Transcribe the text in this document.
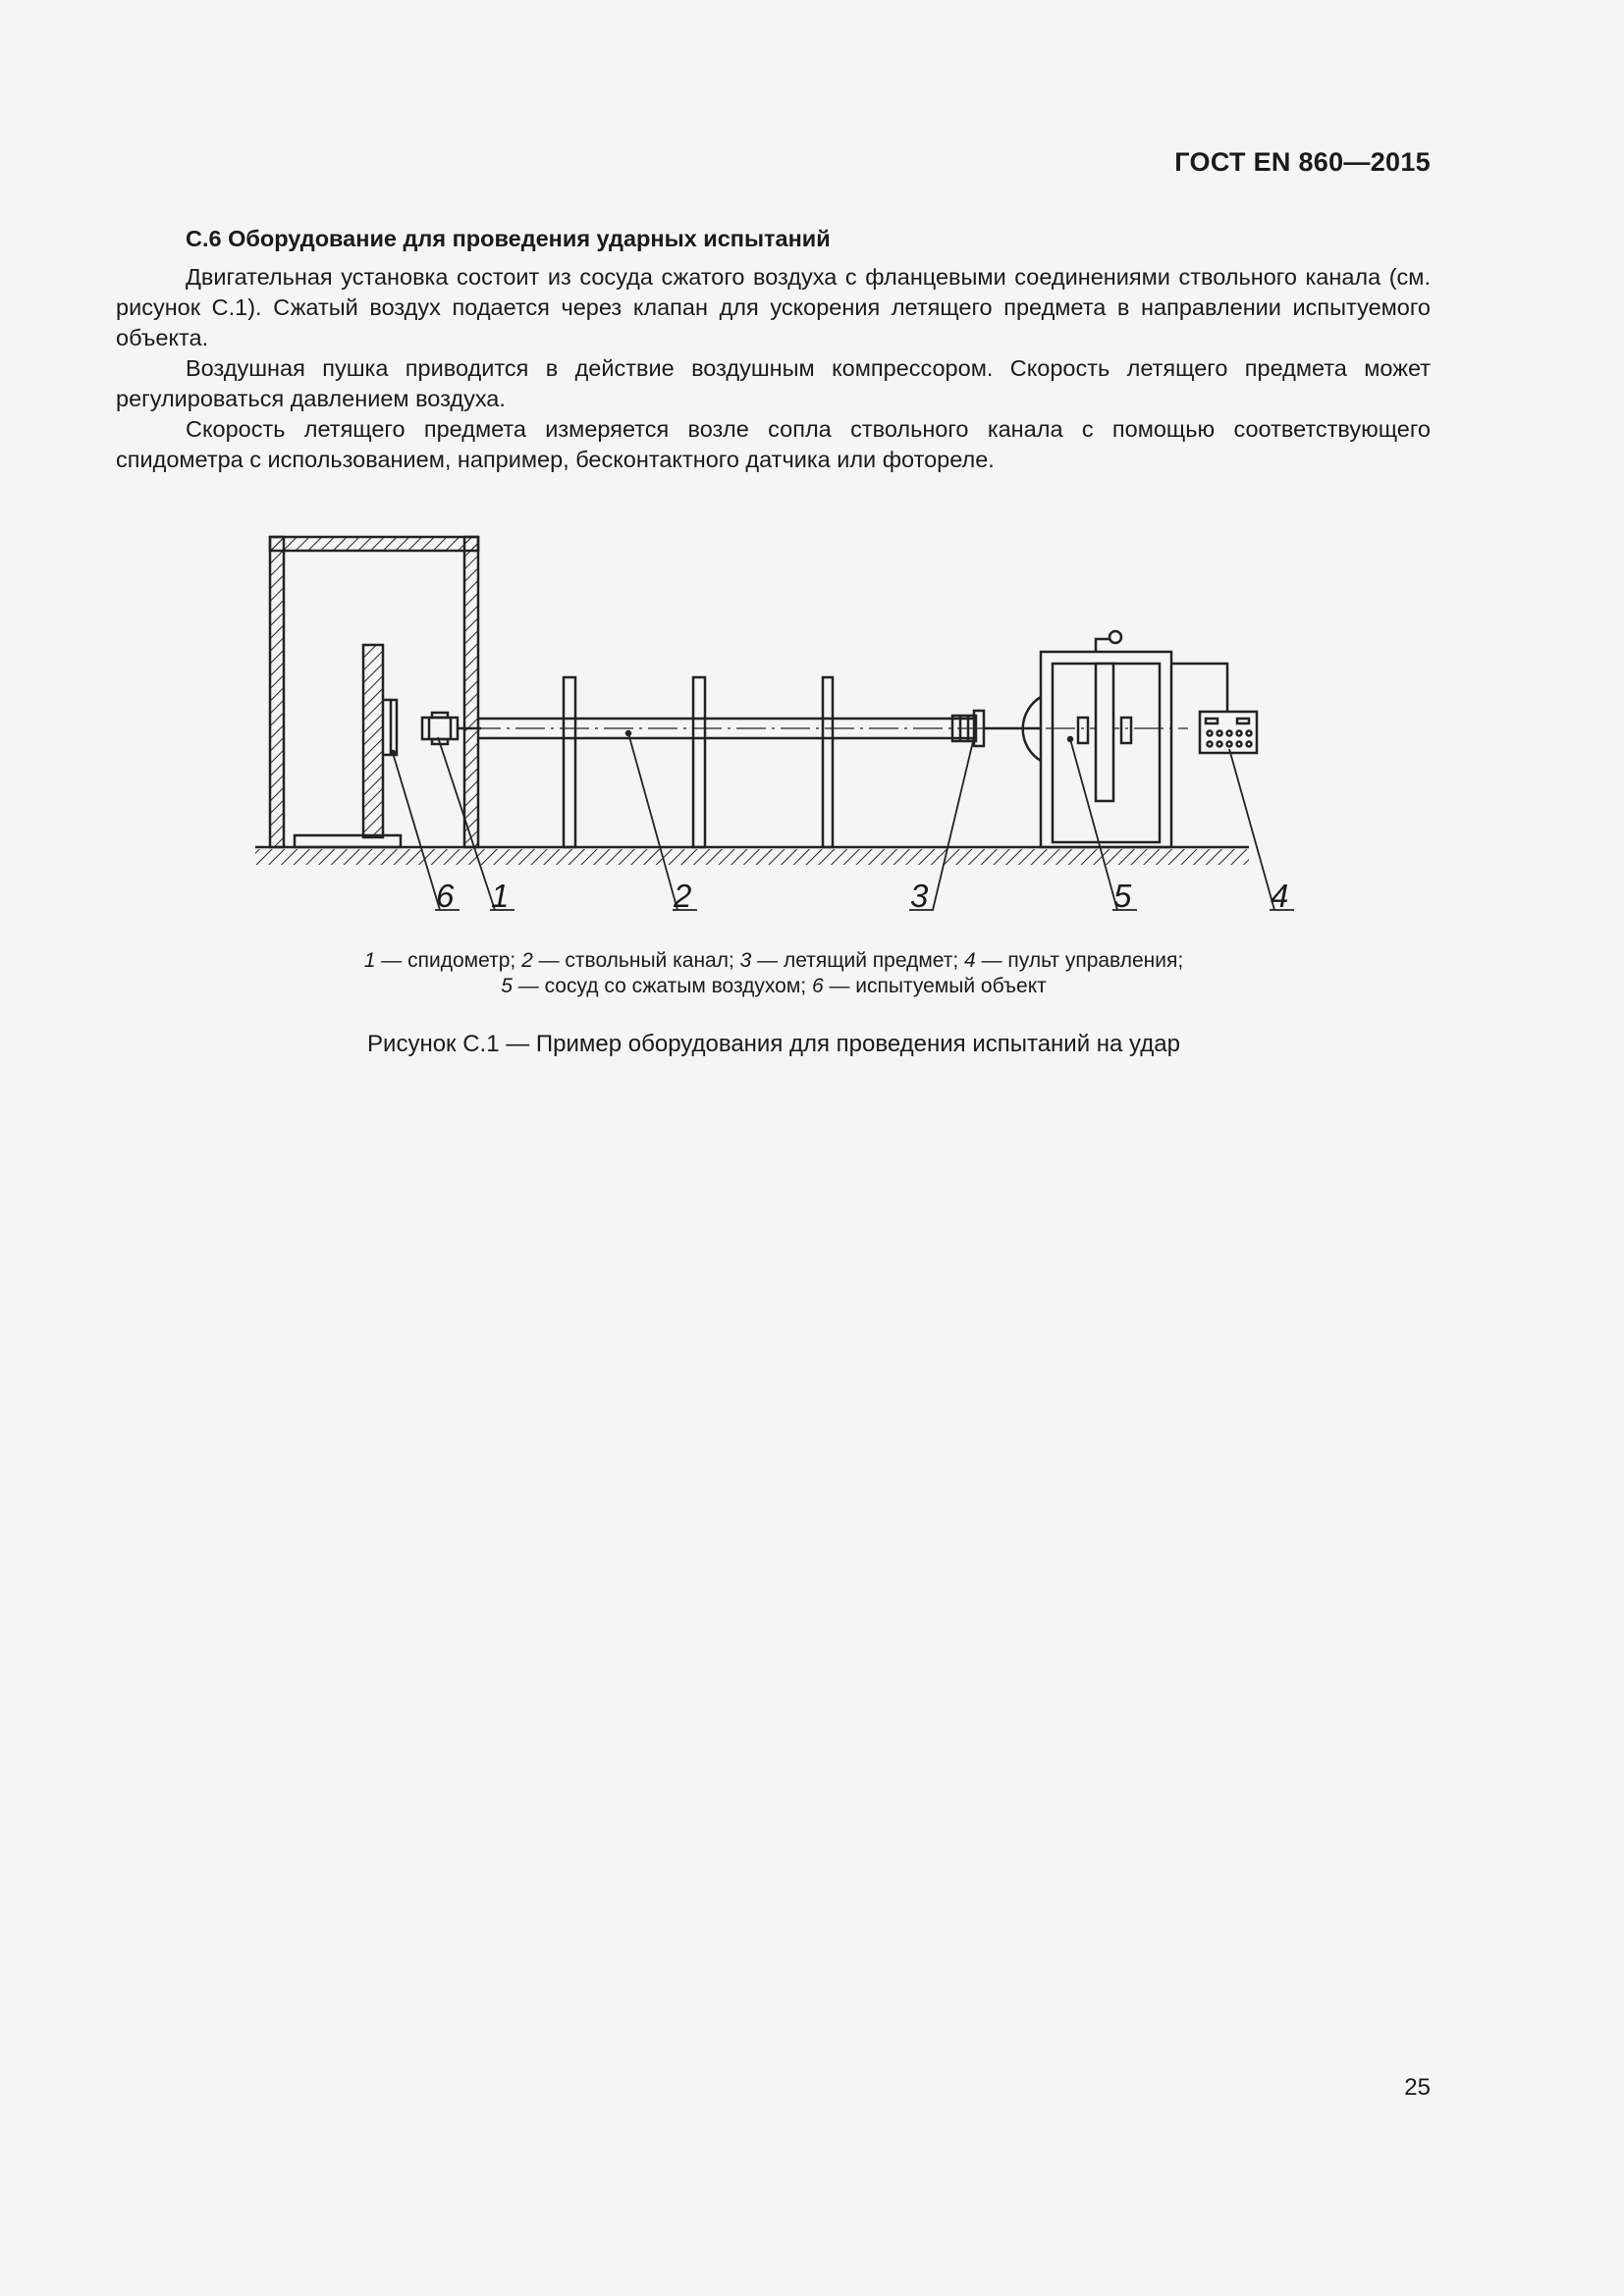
ГОСТ EN 860—2015

С.6 Оборудование для проведения ударных испытаний

Двигательная установка состоит из сосуда сжатого воздуха с фланцевыми соединениями ствольного канала (см. рисунок С.1). Сжатый воздух подается через клапан для ускорения летящего предмета в направлении испытуемого объекта.

Воздушная пушка приводится в действие воздушным компрессором. Скорость летящего предмета может регулироваться давлением воздуха.

Скорость летящего предмета измеряется возле сопла ствольного канала с помощью соответствующего спидометра с использованием, например, бесконтактного датчика или фотореле.

6 1	2	3	5	4
1 — спидометр; 2 — ствольный канал; 3 — летящий предмет; 4 — пульт управления;
5 — сосуд со сжатым воздухом; 6 — испытуемый объект
Рисунок С.1 — Пример оборудования для проведения испытаний на удар
25
